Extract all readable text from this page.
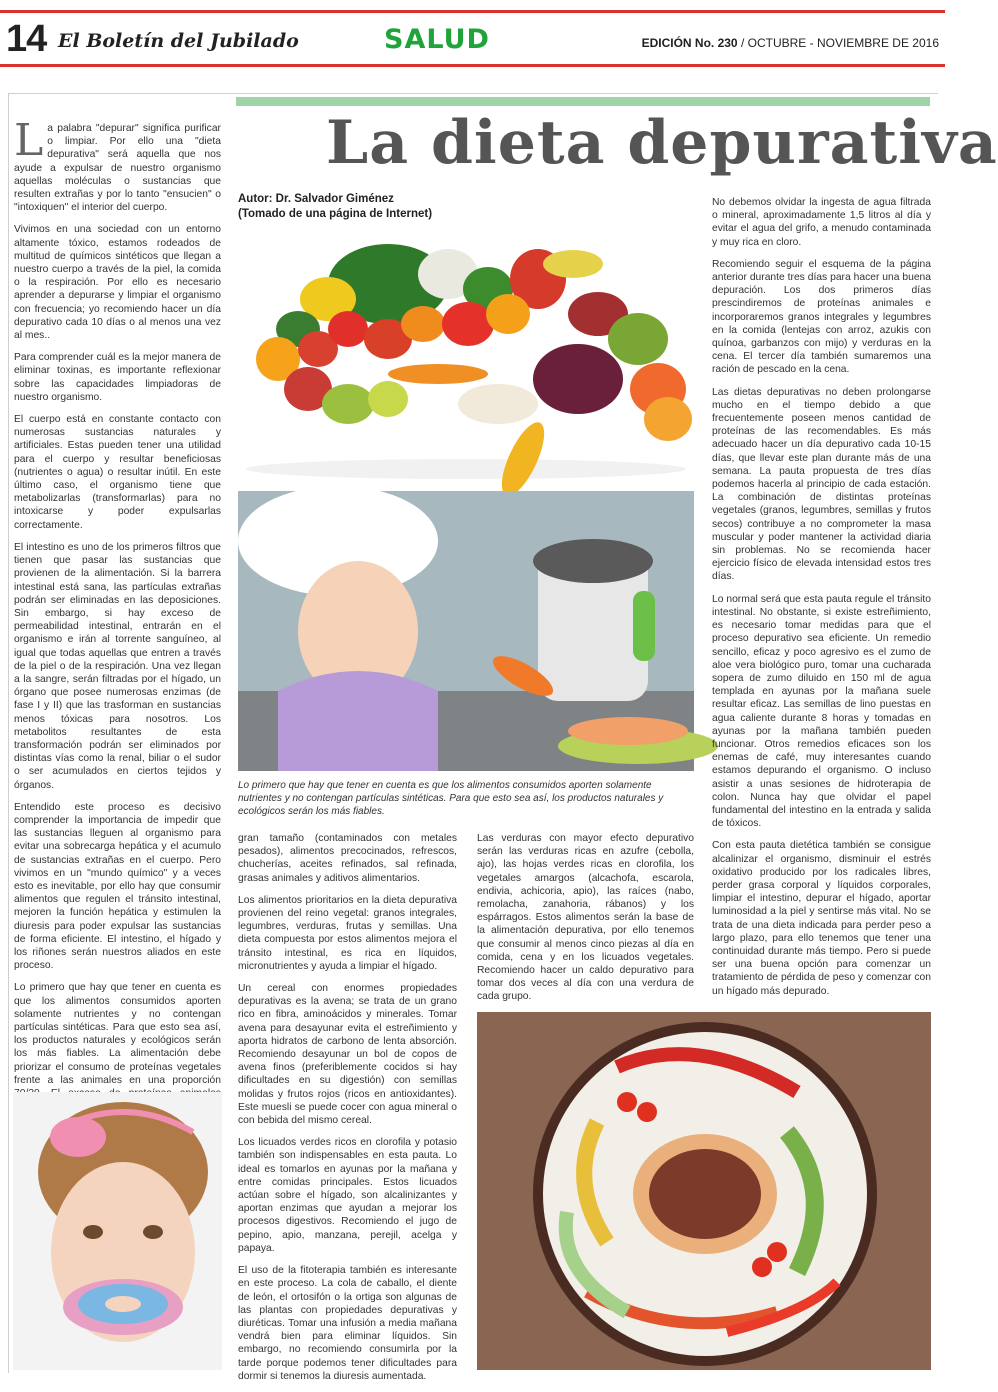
14 El Boletín del Jubilado	SALUD	EDICIÓN No. 230 / OCTUBRE - NOVIEMBRE DE 2016
La dieta depurativa
Autor: Dr. Salvador Giménez
(Tomado de una página de Internet)

La palabra "depurar" significa purificar o limpiar. Por ello una "dieta depurativa" será aquella que nos ayude a expulsar de nuestro organismo aquellas moléculas o sustancias que resulten extrañas y por lo tanto "ensucien" o "intoxiquen" el interior del cuerpo.

Vivimos en una sociedad con un entorno altamente tóxico, estamos rodeados de multitud de químicos sintéticos que llegan a nuestro cuerpo a través de la piel, la comida o la respiración. Por ello es necesario aprender a depurarse y limpiar el organismo con frecuencia; yo recomiendo hacer un día depurativo cada 10 días o al menos una vez al mes..

Para comprender cuál es la mejor manera de eliminar toxinas, es importante reflexionar sobre las capacidades limpiadoras de nuestro organismo.

El cuerpo está en constante contacto con numerosas sustancias naturales y artificiales. Estas pueden tener una utilidad para el cuerpo y resultar beneficiosas (nutrientes o agua) o resultar inútil. En este último caso, el organismo tiene que metabolizarlas (transformarlas) para no intoxicarse y poder expulsarlas correctamente.

El intestino es uno de los primeros filtros que tienen que pasar las sustancias que provienen de la alimentación. Si la barrera intestinal está sana, las partículas extrañas podrán ser eliminadas en las deposiciones. Sin embargo, si hay exceso de permeabilidad intestinal, entrarán en el organismo e irán al torrente sanguíneo, al igual que todas aquellas que entren a través de la piel o de la respiración. Una vez llegan a la sangre, serán filtradas por el hígado, un órgano que posee numerosas enzimas (de fase I y II) que las trasforman en sustancias menos tóxicas para nosotros. Los metabolitos resultantes de esta transformación podrán ser eliminados por distintas vías como la renal, biliar o el sudor o ser acumulados en ciertos tejidos y órganos.

Entendido este proceso es decisivo comprender la importancia de impedir que las sustancias lleguen al organismo para evitar una sobrecarga hepática y el acumulo de sustancias extrañas en el cuerpo. Pero vivimos en un "mundo químico" y a veces esto es inevitable, por ello hay que consumir alimentos que regulen el tránsito intestinal, mejoren la función hepática y estimulen la diuresis para poder expulsar las sustancias de forma eficiente. El intestino, el hígado y los riñones serán nuestros aliados en este proceso.

Lo primero que hay que tener en cuenta es que los alimentos consumidos aporten solamente nutrientes y no contengan partículas sintéticas. Para que esto sea así, los productos naturales y ecológicos serán los más fiables. La alimentación debe priorizar el consumo de proteínas vegetales frente a las animales en una proporción

Lo primero que hay que tener en cuenta es que los alimentos consumidos aporten solamente nutrientes y no contengan partículas sintéticas. Para que esto sea así, los productos naturales y ecológicos serán los más fiables.

gran tamaño (contaminados con metales pesados), alimentos precocinados, refrescos, chucherías, aceites refinados, sal refinada, grasas animales y aditivos alimentarios.

Los alimentos prioritarios en la dieta depurativa provienen del reino vegetal: granos integrales, legumbres, verduras, frutas y semillas. Una dieta compuesta por estos alimentos mejora el tránsito intestinal, es rica en líquidos, micronutrientes y ayuda a limpiar el hígado.

Un cereal con enormes propiedades depurativas es la avena; se trata de un grano rico en fibra, aminoácidos y minerales. Tomar avena para desayunar evita el estreñimiento y aporta hidratos de carbono de lenta absorción. Recomiendo desayunar un bol de copos de avena finos (preferiblemente cocidos si hay dificultades en su digestión) con semillas molidas y frutos rojos (ricos en antioxidantes). Este muesli se puede cocer con agua mineral o con bebida del mismo cereal.

Los licuados verdes ricos en clorofila y potasio también son indispensables en esta pauta. Lo ideal es tomarlos en ayunas por la mañana y entre comidas principales. Estos licuados actúan sobre el hígado, son alcalinizantes y aportan enzimas que ayudan a mejorar los procesos digestivos. Recomiendo el jugo de pepino, apio, manzana, perejil, acelga y papaya.

El uso de la fitoterapia también es interesante en este proceso. La cola de caballo, el diente de león, el ortosifón o la ortiga son algunas de las plantas con propiedades depurativas y diuréticas. Tomar una infusión a media mañana vendrá bien para eliminar líquidos. Sin embargo, no recomiendo consumirla por la tarde porque podemos tener dificultades para dormir si tenemos la diuresis aumentada.

Las verduras con mayor efecto depurativo serán las verduras ricas en azufre (cebolla, ajo), las hojas verdes ricas en clorofila, los vegetales amargos (alcachofa, escarola, endivia, achicoria, apio), las raíces (nabo, remolacha, zanahoria, rábanos) y los espárragos. Estos alimentos serán la base de la alimentación depurativa, por ello tenemos que consumir al menos cinco piezas al día en comida, cena y en los licuados vegetales. Recomiendo hacer un caldo depurativo para tomar dos veces al día con una verdura de cada grupo.

No debemos olvidar la ingesta de agua filtrada o mineral, aproximadamente 1,5 litros al día y evitar el agua del grifo, a menudo contaminada y muy rica en cloro.

Recomiendo seguir el esquema de la página anterior durante tres días para hacer una buena depuración. Los dos primeros días prescindiremos de proteínas animales e incorporaremos granos integrales y legumbres en la comida (lentejas con arroz, azukis con quínoa, garbanzos con mijo) y verduras en la cena. El tercer día también sumaremos una ración de pescado en la cena.

Las dietas depurativas no deben prolongarse mucho en el tiempo debido a que frecuentemente poseen menos cantidad de proteínas de las recomendables. Es más adecuado hacer un día depurativo cada 10-15 días, que llevar este plan durante más de una semana. La pauta propuesta de tres días podemos hacerla al principio de cada estación. La combinación de distintas proteínas vegetales (granos, legumbres, semillas y frutos secos) contribuye a no comprometer la masa muscular y poder mantener la actividad diaria sin problemas. No se recomienda hacer ejercicio físico de elevada intensidad estos tres días.

Lo normal será que esta pauta regule el tránsito intestinal. No obstante, si existe estreñimiento, es necesario tomar medidas para que el proceso depurativo sea eficiente. Un remedio sencillo, eficaz y poco agresivo es el zumo de aloe vera biológico puro, tomar una cucharada sopera de zumo diluido en 150 ml de agua templada en ayunas por la mañana suele resultar eficaz. Las semillas de lino puestas en agua caliente durante 8 horas y tomadas en ayunas por la mañana también pueden funcionar. Otros remedios eficaces son los enemas de café, muy interesantes cuando estamos depurando el organismo. O incluso asistir a unas sesiones de hidroterapia de colon. Nunca hay que olvidar el papel fundamental del intestino en la entrada y salida de tóxicos.

Con esta pauta dietética también se consigue alcalinizar el organismo, disminuir el estrés oxidativo producido por los radicales libres, perder grasa corporal y líquidos corporales, limpiar el intestino, depurar el hígado, aportar luminosidad a la piel y sentirse más vital. No se trata de una dieta indicada para perder peso a largo plazo, para ello tenemos que tener una continuidad durante más tiempo. Pero si puede ser una buena opción para comenzar un tratamiento de pérdida de peso y comenzar con un hígado más depurado.
